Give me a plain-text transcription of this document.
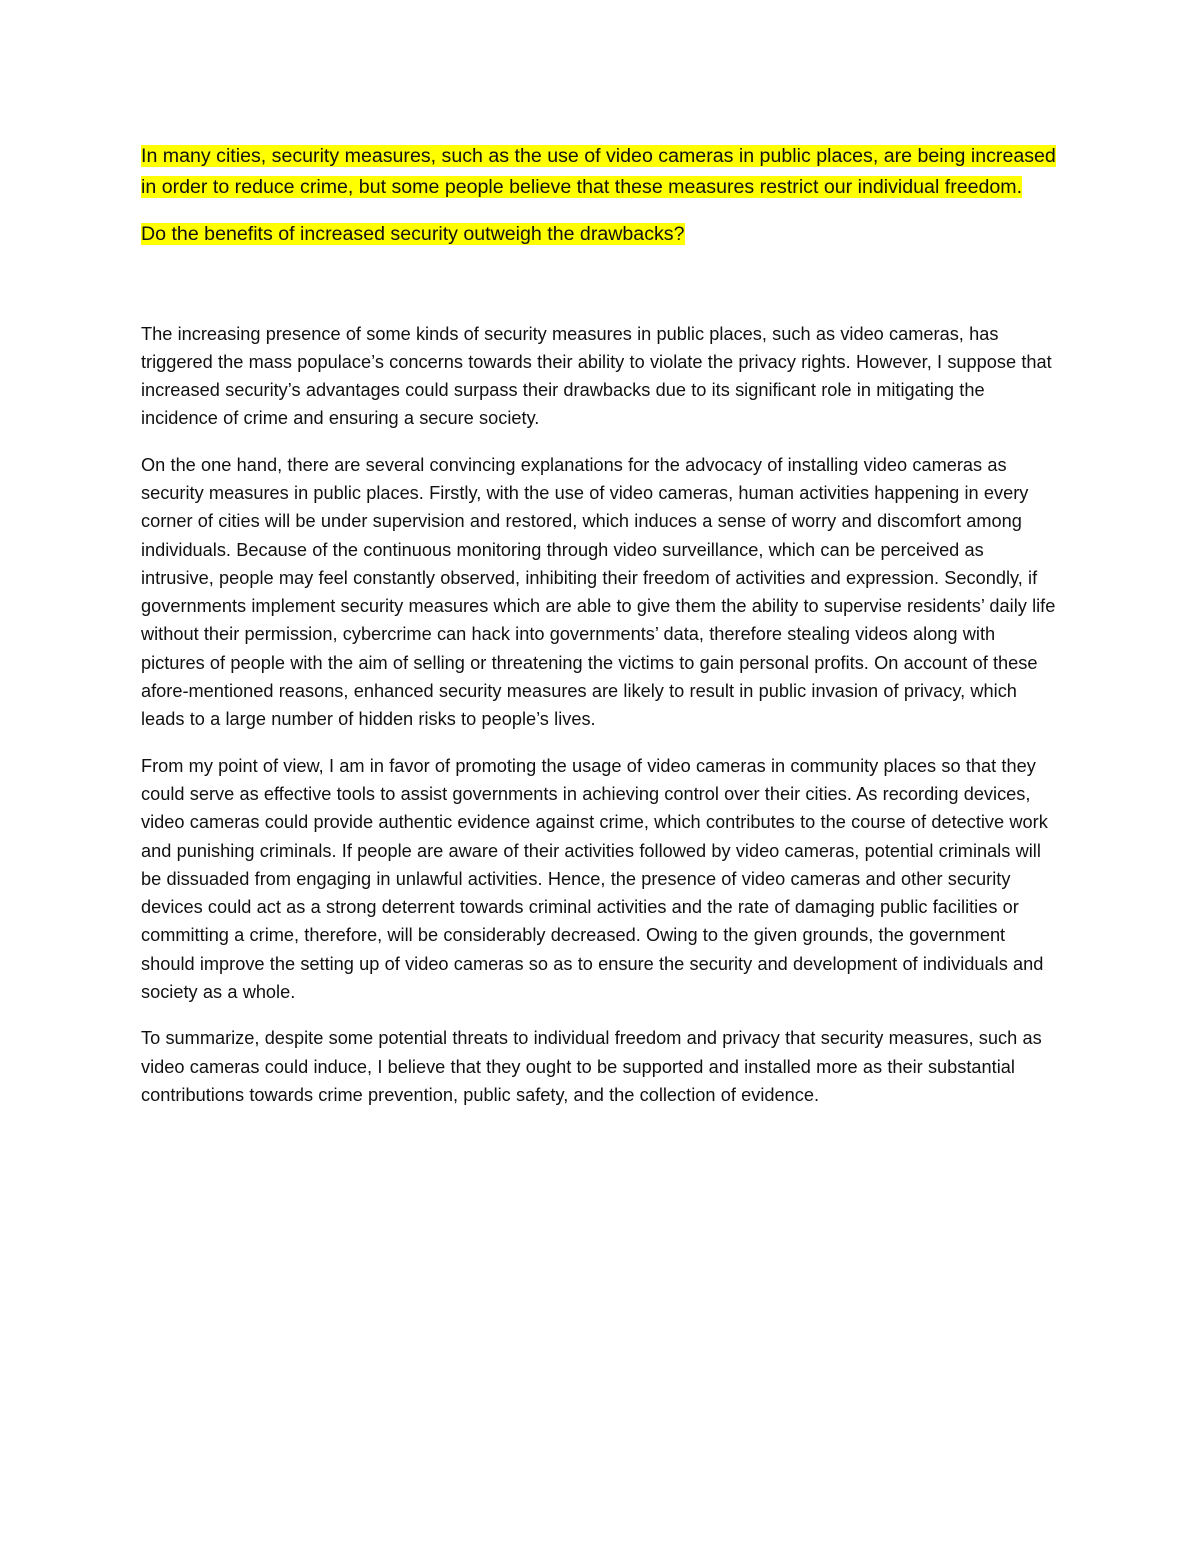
In many cities, security measures, such as the use of video cameras in public places, are being increased in order to reduce crime, but some people believe that these measures restrict our individual freedom.

Do the benefits of increased security outweigh the drawbacks?

The increasing presence of some kinds of security measures in public places, such as video cameras, has triggered the mass populace’s concerns towards their ability to violate the privacy rights. However, I suppose that increased security’s advantages could surpass their drawbacks due to its significant role in mitigating the incidence of crime and ensuring a secure society.

On the one hand, there are several convincing explanations for the advocacy of installing video cameras as security measures in public places. Firstly, with the use of video cameras, human activities happening in every corner of cities will be under supervision and restored, which induces a sense of worry and discomfort among individuals. Because of the continuous monitoring through video surveillance, which can be perceived as intrusive, people may feel constantly observed, inhibiting their freedom of activities and expression. Secondly, if governments implement security measures which are able to give them the ability to supervise residents’ daily life without their permission, cybercrime can hack into governments’ data, therefore stealing videos along with pictures of people with the aim of selling or threatening the victims to gain personal profits. On account of these afore-mentioned reasons, enhanced security measures are likely to result in public invasion of privacy, which leads to a large number of hidden risks to people’s lives.

From my point of view, I am in favor of promoting the usage of video cameras in community places so that they could serve as effective tools to assist governments in achieving control over their cities. As recording devices, video cameras could provide authentic evidence against crime, which contributes to the course of detective work and punishing criminals. If people are aware of their activities followed by video cameras, potential criminals will be dissuaded from engaging in unlawful activities. Hence, the presence of video cameras and other security devices could act as a strong deterrent towards criminal activities and the rate of damaging public facilities or committing a crime, therefore, will be considerably decreased. Owing to the given grounds, the government should improve the setting up of video cameras so as to ensure the security and development of individuals and society as a whole.

To summarize, despite some potential threats to individual freedom and privacy that security measures, such as video cameras could induce, I believe that they ought to be supported and installed more as their substantial contributions towards crime prevention, public safety, and the collection of evidence.
